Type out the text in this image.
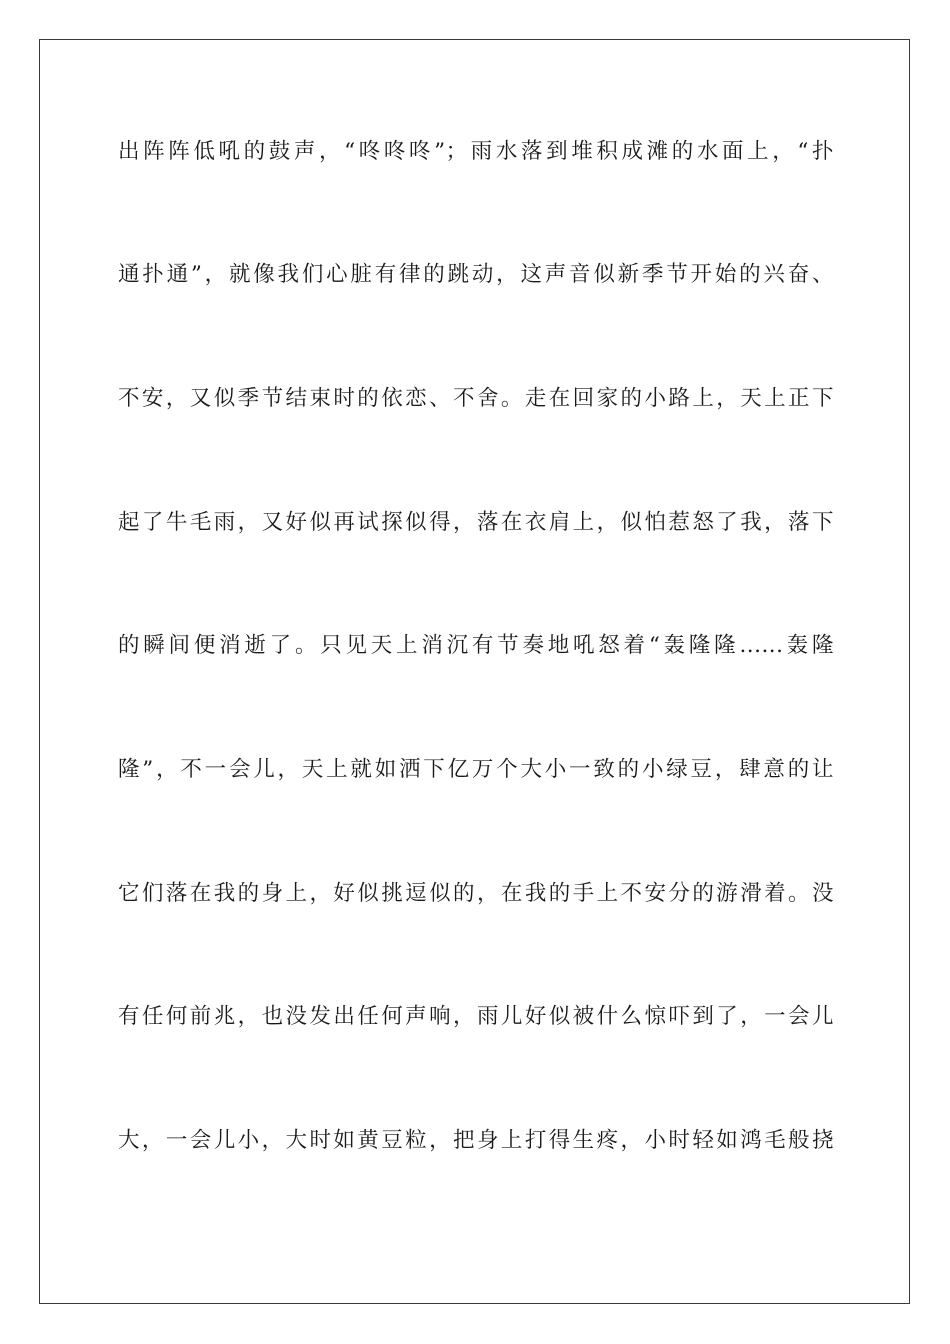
出阵阵低吼的鼓声，“咚咚咚”；雨水落到堆积成滩的水面上，“扑
通扑通”，就像我们心脏有律的跳动，这声音似新季节开始的兴奋、
不安，又似季节结束时的依恋、不舍。走在回家的小路上，天上正下
起了牛毛雨，又好似再试探似得，落在衣肩上，似怕惹怒了我，落下
的瞬间便消逝了。只见天上消沉有节奏地吼怒着“轰隆隆......轰隆
隆”，不一会儿，天上就如洒下亿万个大小一致的小绿豆，肆意的让
它们落在我的身上，好似挑逗似的，在我的手上不安分的游滑着。没
有任何前兆，也没发出任何声响，雨儿好似被什么惊吓到了，一会儿
大，一会儿小，大时如黄豆粒，把身上打得生疼，小时轻如鸿毛般挠
